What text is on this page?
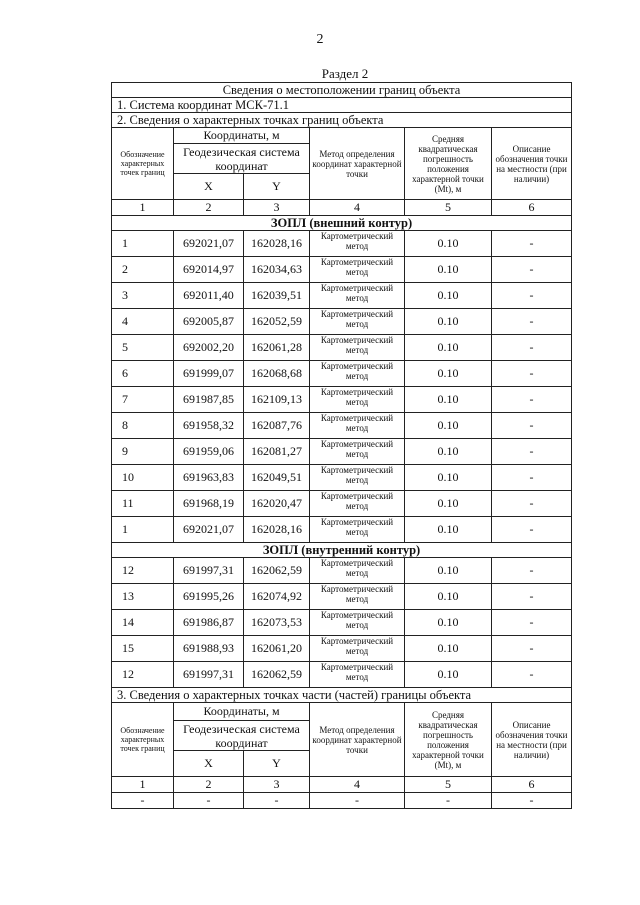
2
Раздел 2
Сведения о местоположении границ объекта					
1. Система координат МСК-71.1					
2. Сведения о характерных точках границ объекта					
Обозначение характерных точек границ	Координаты, м		Метод определения координат характерной точки	Средняя квадратическая погрешность положения характерной точки (Mt), м	Описание обозначения точки на местности (при наличии)
	Геодезическая система координат				
	X	Y			
1	2	3	4	5	6
ЗОПЛ (внешний контур)					
1	692021,07	162028,16	Картометрический метод	0.10	-
2	692014,97	162034,63	Картометрический метод	0.10	-
3	692011,40	162039,51	Картометрический метод	0.10	-
4	692005,87	162052,59	Картометрический метод	0.10	-
5	692002,20	162061,28	Картометрический метод	0.10	-
6	691999,07	162068,68	Картометрический метод	0.10	-
7	691987,85	162109,13	Картометрический метод	0.10	-
8	691958,32	162087,76	Картометрический метод	0.10	-
9	691959,06	162081,27	Картометрический метод	0.10	-
10	691963,83	162049,51	Картометрический метод	0.10	-
11	691968,19	162020,47	Картометрический метод	0.10	-
1	692021,07	162028,16	Картометрический метод	0.10	-
ЗОПЛ (внутренний контур)					
12	691997,31	162062,59	Картометрический метод	0.10	-
13	691995,26	162074,92	Картометрический метод	0.10	-
14	691986,87	162073,53	Картометрический метод	0.10	-
15	691988,93	162061,20	Картометрический метод	0.10	-
12	691997,31	162062,59	Картометрический метод	0.10	-
3. Сведения о характерных точках части (частей) границы объекта					
Обозначение характерных точек границ	Координаты, м		Метод определения координат характерной точки	Средняя квадратическая погрешность положения характерной точки (Mt), м	Описание обозначения точки на местности (при наличии)
	Геодезическая система координат				
	X	Y			
1	2	3	4	5	6
-	-	-	-	-	-
